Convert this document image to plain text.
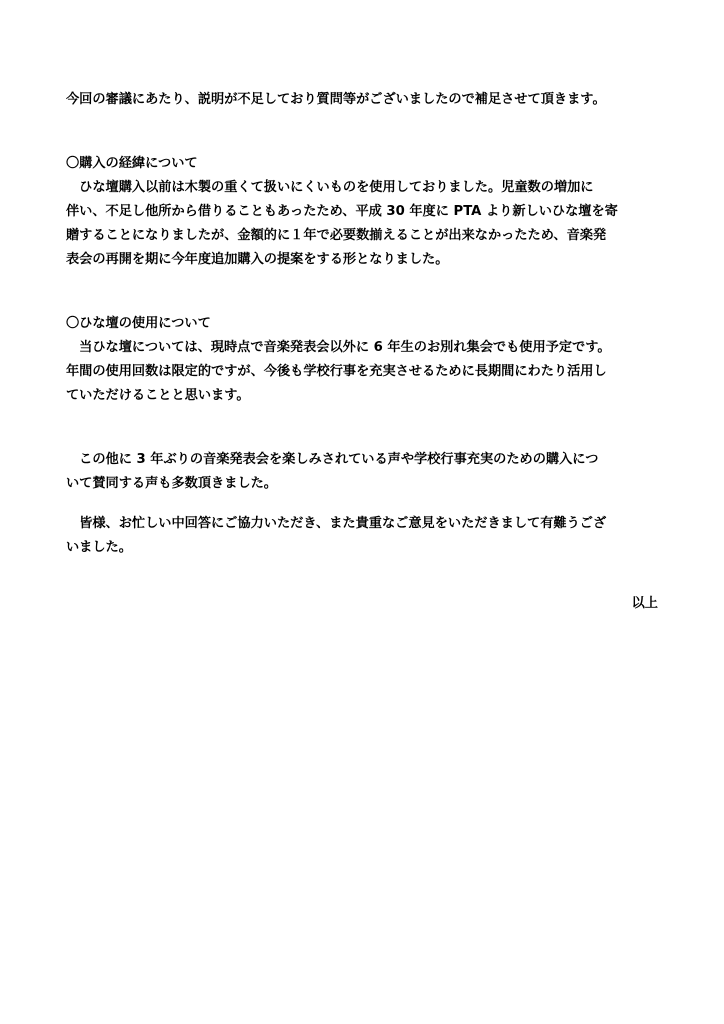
今回の審議にあたり、説明が不足しており質問等がございましたので補足させて頂きます。
〇購入の経緯について
　ひな壇購入以前は木製の重くて扱いにくいものを使用しておりました。児童数の増加に
伴い、不足し他所から借りることもあったため、平成 30 年度に PTA より新しいひな壇を寄
贈することになりましたが、金額的に１年で必要数揃えることが出来なかったため、音楽発
表会の再開を期に今年度追加購入の提案をする形となりました。
〇ひな壇の使用について
　当ひな壇については、現時点で音楽発表会以外に 6 年生のお別れ集会でも使用予定です。
年間の使用回数は限定的ですが、今後も学校行事を充実させるために長期間にわたり活用し
ていただけることと思います。
　この他に 3 年ぶりの音楽発表会を楽しみされている声や学校行事充実のための購入につ
いて賛同する声も多数頂きました。
　皆様、お忙しい中回答にご協力いただき、また貴重なご意見をいただきまして有難うござ
いました。
以上
